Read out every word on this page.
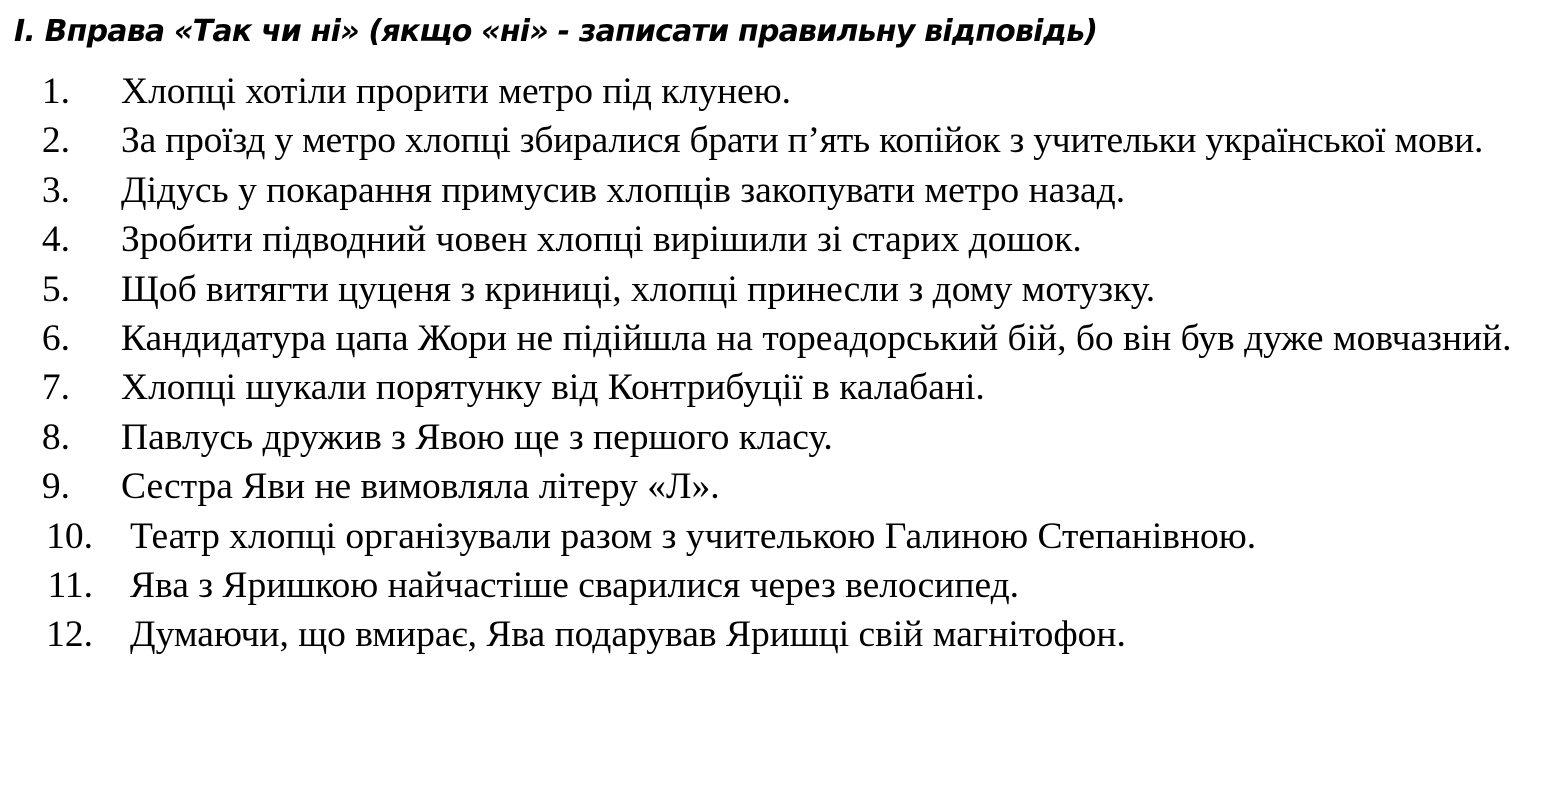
I. Вправа «Так чи ні» (якщо «ні» - записати правильну відповідь)
1. Хлопці хотіли прорити метро під клунею.
2. За проїзд у метро хлопці збиралися брати п’ять копійок з учительки української мови.
3. Дідусь у покарання примусив хлопців закопувати метро назад.
4. Зробити підводний човен хлопці вирішили зі старих дошок.
5. Щоб витягти цуценя з криниці, хлопці принесли з дому мотузку.
6. Кандидатура цапа Жори не підійшла на тореадорський бій, бо він був дуже мовчазний.
7. Хлопці шукали порятунку від Контрибуції в калабані.
8. Павлусь дружив з Явою ще з першого класу.
9. Сестра Яви не вимовляла літеру «Л».
10. Театр хлопці організували разом з учителькою Галиною Степанівною.
11. Ява з Яришкою найчастіше сварилися через велосипед.
12. Думаючи, що вмирає, Ява подарував Яришці свій магнітофон.
